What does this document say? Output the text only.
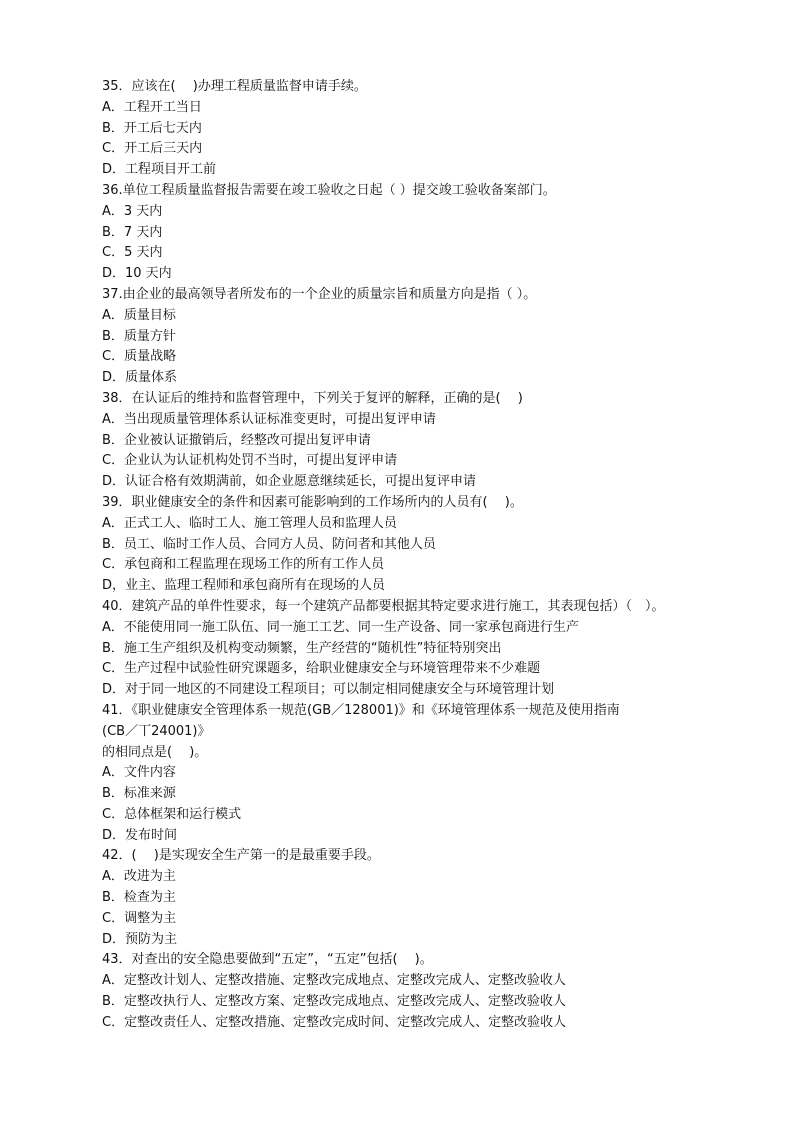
35．应该在(　 )办理工程质量监督申请手续。
A．工程开工当日
B．开工后七天内
C．开工后三天内
D．工程项目开工前
36.单位工程质量监督报告需要在竣工验收之日起（ ）提交竣工验收备案部门。
A．3 天内
B．7 天内
C．5 天内
D．10 天内
37.由企业的最高领导者所发布的一个企业的质量宗旨和质量方向是指（ ）。
A．质量目标
B．质量方针
C．质量战略
D．质量体系
38．在认证后的维持和监督管理中，下列关于复评的解释，正确的是(　 )
A．当出现质量管理体系认证标准变更时，可提出复评申请
B．企业被认证撤销后，经整改可提出复评申请
C．企业认为认证机构处罚不当时，可提出复评申请
D．认证合格有效期满前，如企业愿意继续延长，可提出复评申请
39．职业健康安全的条件和因素可能影响到的工作场所内的人员有(　 )。
A．正式工人、临时工人、施工管理人员和监理人员
B．员工、临时工作人员、合同方人员、防问者和其他人员
C．承包商和工程监理在现场工作的所有工作人员
D，业主、监理工程师和承包商所有在现场的人员
40．建筑产品的单件性要求，每一个建筑产品都要根据其特定要求进行施工，其表现包括）（　）。
A．不能使用同一施工队伍、同一施工工艺、同一生产设备、同一家承包商进行生产
B．施工生产组织及机构变动频繁，生产经营的“随机性”特征特别突出
C．生产过程中试验性研究课题多，给职业健康安全与环境管理带来不少难题
D．对于同一地区的不同建设工程项目；可以制定相同健康安全与环境管理计划
41．《职业健康安全管理体系一规范(GB／128001)》和《环境管理体系一规范及使用指南
(CB／丅24001)》
的相同点是(　 )。
A．文件内容
B．标准来源
C．总体框架和运行模式
D．发布时间
42．(　 )是实现安全生产第一的是最重要手段。
A．改进为主
B．检查为主
C．调整为主
D．预防为主
43．对查出的安全隐患要做到“五定”，“五定”包括(　 )。
A．定整改计划人、定整改措施、定整改完成地点、定整改完成人、定整改验收人
B．定整改执行人、定整改方案、定整改完成地点、定整改完成人、定整改验收人
C．定整改责任人、定整改措施、定整改完成时间、定整改完成人、定整改验收人
